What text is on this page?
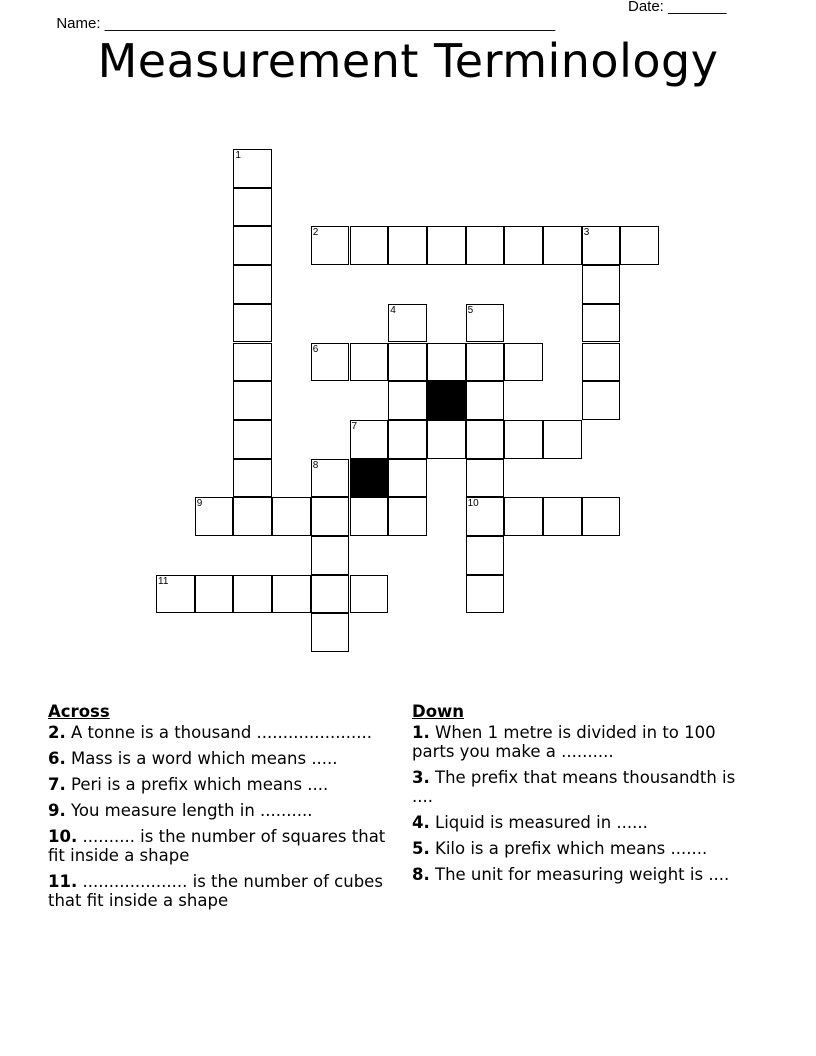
Name: ______________________________________________________

Date: _______

Measurement Terminology
1
2	3
4	5
6
7
8
9	10
11
Across
2. A tonne is a thousand ......................
6. Mass is a word which means .....
7. Peri is a prefix which means ....
9. You measure length in ..........
10. .......... is the number of squares that fit inside a shape
11. .................... is the number of cubes that fit inside a shape
Down
1. When 1 metre is divided in to 100 parts you make a ..........
3. The prefix that means thousandth is ....
4. Liquid is measured in ......
5. Kilo is a prefix which means .......
8. The unit for measuring weight is ....
